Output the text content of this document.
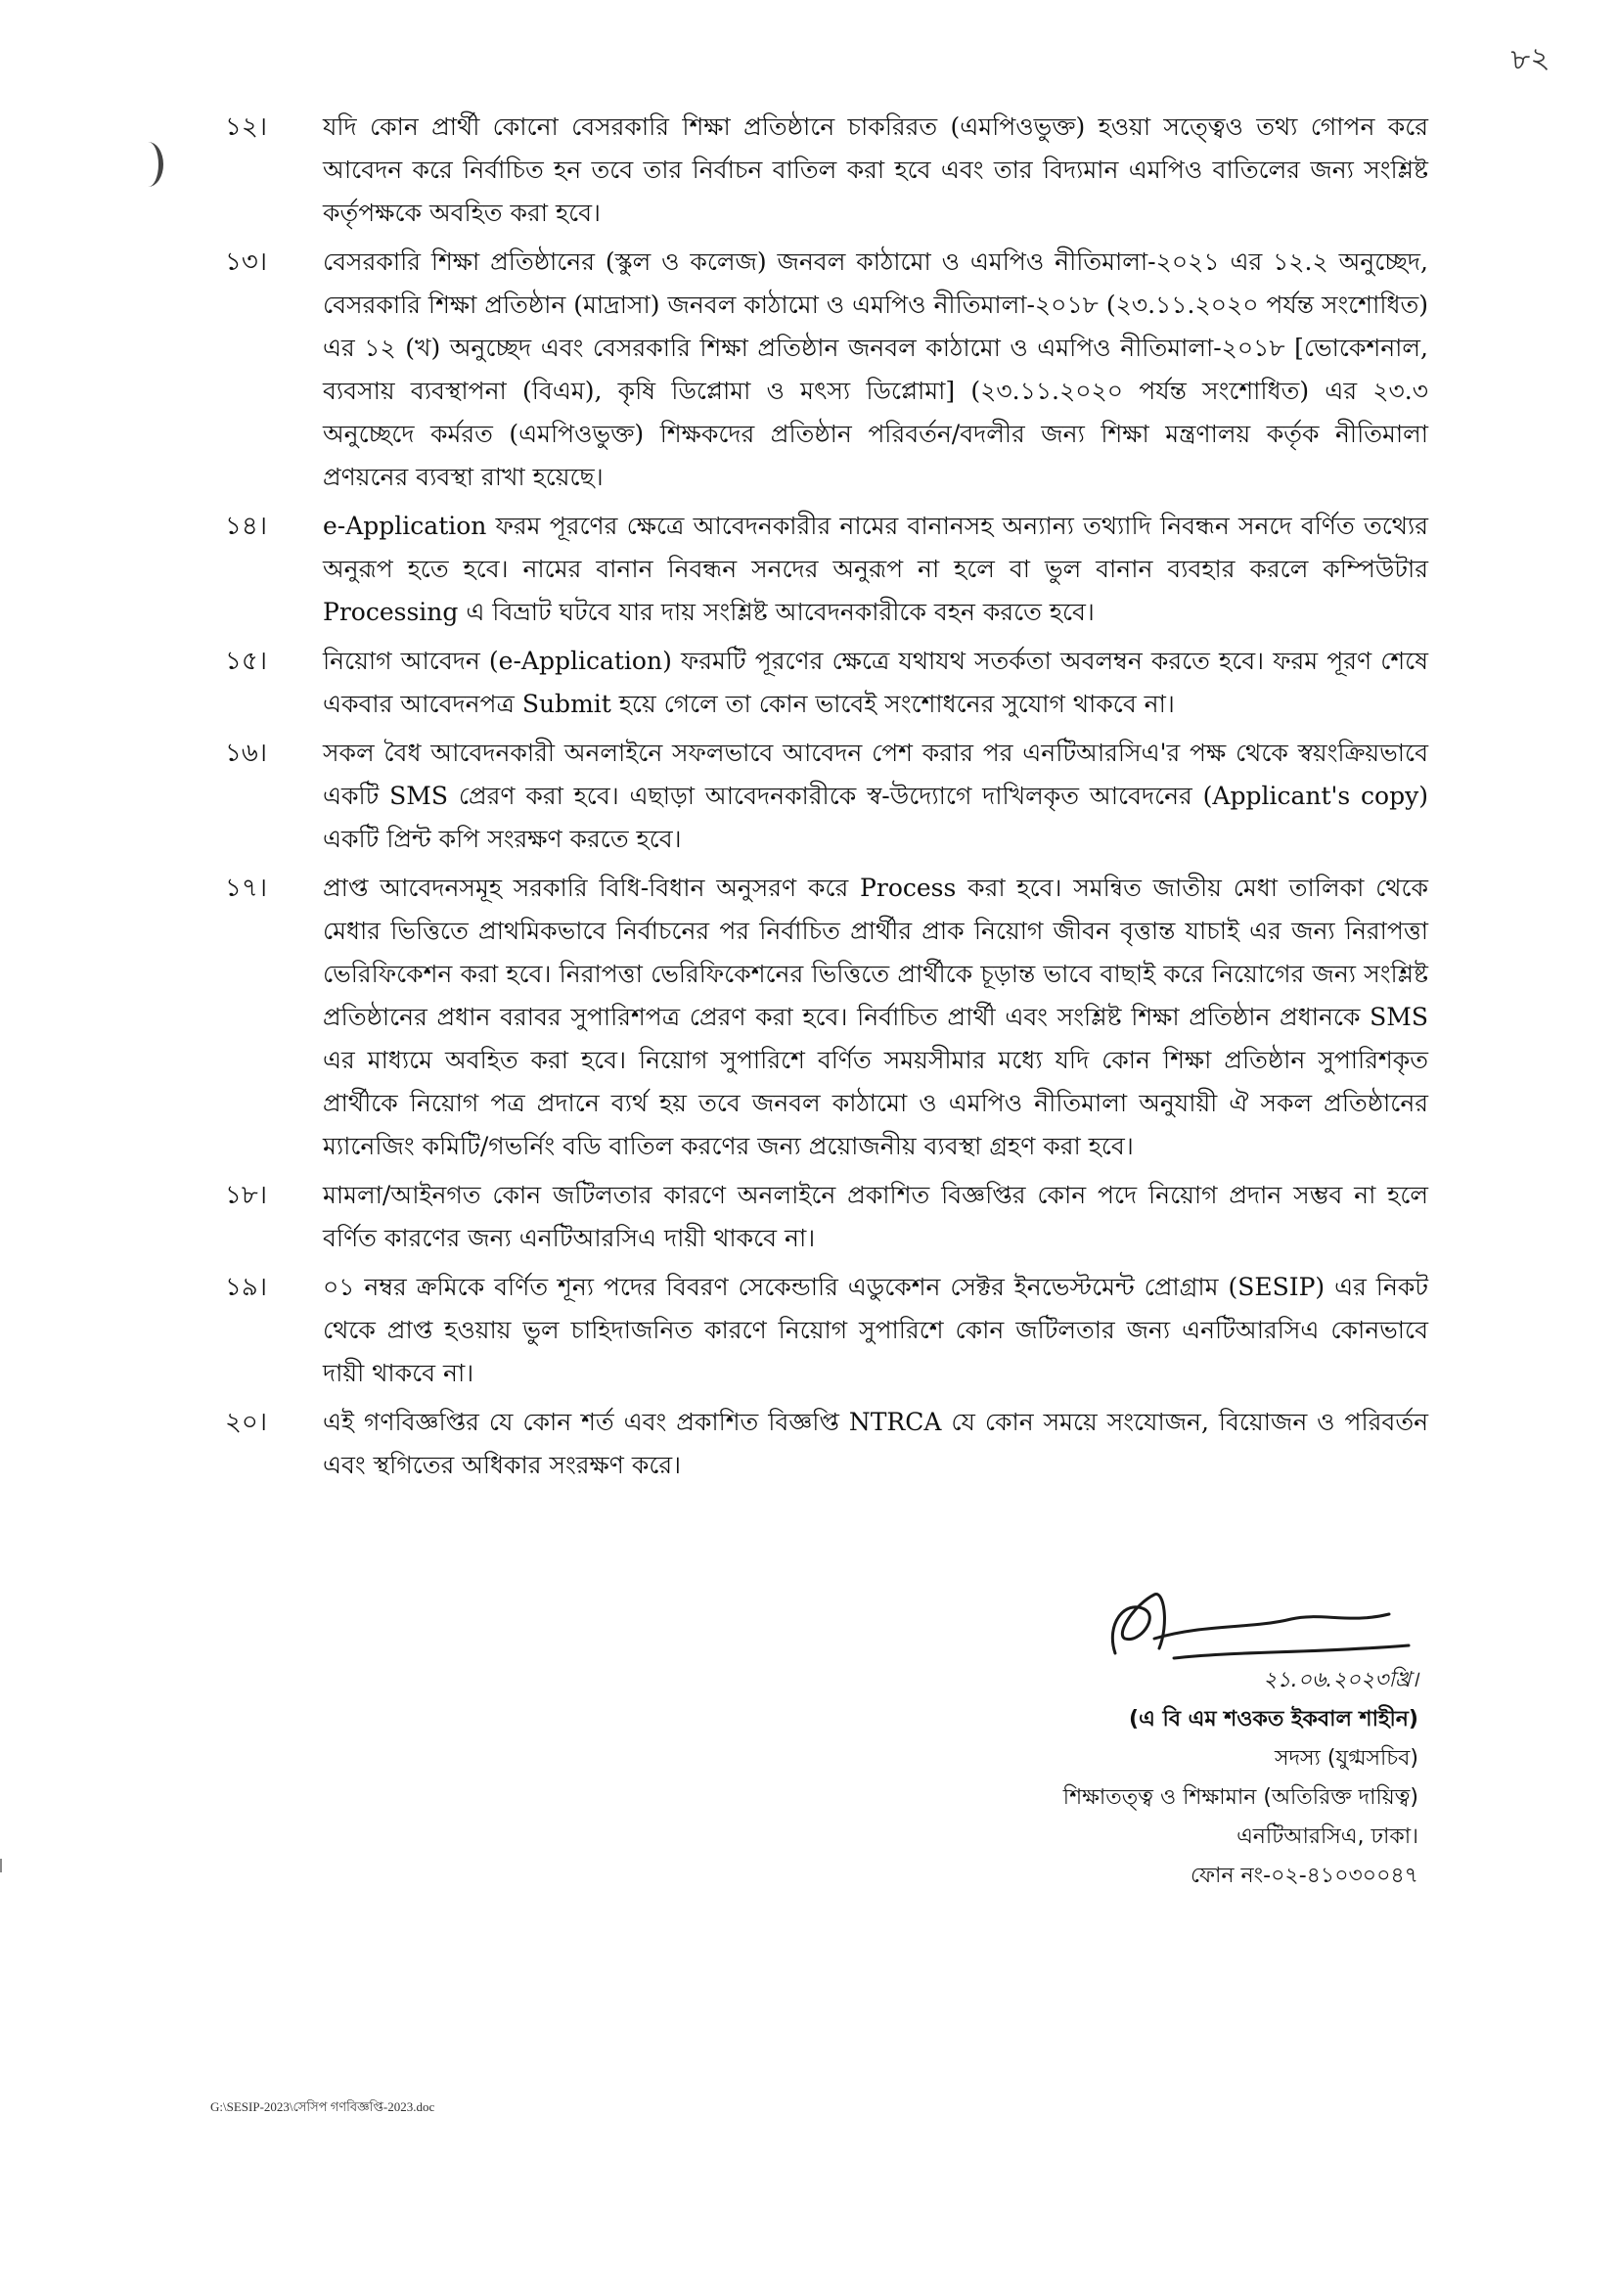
৮২
১২।	যদি কোন প্রার্থী কোনো বেসরকারি শিক্ষা প্রতিষ্ঠানে চাকরিরত (এমপিওভুক্ত) হওয়া সত্ত্বেও তথ্য গোপন করে আবেদন করে নির্বাচিত হন তবে তার নির্বাচন বাতিল করা হবে এবং তার বিদ্যমান এমপিও বাতিলের জন্য সংশ্লিষ্ট কর্তৃপক্ষকে অবহিত করা হবে।
১৩।	বেসরকারি শিক্ষা প্রতিষ্ঠানের (স্কুল ও কলেজ) জনবল কাঠামো ও এমপিও নীতিমালা-২০২১ এর ১২.২ অনুচ্ছেদ, বেসরকারি শিক্ষা প্রতিষ্ঠান (মাদ্রাসা) জনবল কাঠামো ও এমপিও নীতিমালা-২০১৮ (২৩.১১.২০২০ পর্যন্ত সংশোধিত) এর ১২ (খ) অনুচ্ছেদ এবং বেসরকারি শিক্ষা প্রতিষ্ঠান জনবল কাঠামো ও এমপিও নীতিমালা-২০১৮ [ভোকেশনাল, ব্যবসায় ব্যবস্থাপনা (বিএম), কৃষি ডিপ্লোমা ও মৎস্য ডিপ্লোমা] (২৩.১১.২০২০ পর্যন্ত সংশোধিত) এর ২৩.৩ অনুচ্ছেদে কর্মরত (এমপিওভুক্ত) শিক্ষকদের প্রতিষ্ঠান পরিবর্তন/বদলীর জন্য শিক্ষা মন্ত্রণালয় কর্তৃক নীতিমালা প্রণয়নের ব্যবস্থা রাখা হয়েছে।
১৪।	e-Application ফরম পূরণের ক্ষেত্রে আবেদনকারীর নামের বানানসহ অন্যান্য তথ্যাদি নিবন্ধন সনদে বর্ণিত তথ্যের অনুরূপ হতে হবে। নামের বানান নিবন্ধন সনদের অনুরূপ না হলে বা ভুল বানান ব্যবহার করলে কম্পিউটার Processing এ বিভ্রাট ঘটবে যার দায় সংশ্লিষ্ট আবেদনকারীকে বহন করতে হবে।
১৫।	নিয়োগ আবেদন (e-Application) ফরমটি পূরণের ক্ষেত্রে যথাযথ সতর্কতা অবলম্বন করতে হবে। ফরম পূরণ শেষে একবার আবেদনপত্র Submit হয়ে গেলে তা কোন ভাবেই সংশোধনের সুযোগ থাকবে না।
১৬।	সকল বৈধ আবেদনকারী অনলাইনে সফলভাবে আবেদন পেশ করার পর এনটিআরসিএ'র পক্ষ থেকে স্বয়ংক্রিয়ভাবে একটি SMS প্রেরণ করা হবে। এছাড়া আবেদনকারীকে স্ব-উদ্যোগে দাখিলকৃত আবেদনের (Applicant's copy) একটি প্রিন্ট কপি সংরক্ষণ করতে হবে।
১৭।	প্রাপ্ত আবেদনসমূহ সরকারি বিধি-বিধান অনুসরণ করে Process করা হবে। সমন্বিত জাতীয় মেধা তালিকা থেকে মেধার ভিত্তিতে প্রাথমিকভাবে নির্বাচনের পর নির্বাচিত প্রার্থীর প্রাক নিয়োগ জীবন বৃত্তান্ত যাচাই এর জন্য নিরাপত্তা ভেরিফিকেশন করা হবে। নিরাপত্তা ভেরিফিকেশনের ভিত্তিতে প্রার্থীকে চূড়ান্ত ভাবে বাছাই করে নিয়োগের জন্য সংশ্লিষ্ট প্রতিষ্ঠানের প্রধান বরাবর সুপারিশপত্র প্রেরণ করা হবে। নির্বাচিত প্রার্থী এবং সংশ্লিষ্ট শিক্ষা প্রতিষ্ঠান প্রধানকে SMS এর মাধ্যমে অবহিত করা হবে। নিয়োগ সুপারিশে বর্ণিত সময়সীমার মধ্যে যদি কোন শিক্ষা প্রতিষ্ঠান সুপারিশকৃত প্রার্থীকে নিয়োগ পত্র প্রদানে ব্যর্থ হয় তবে জনবল কাঠামো ও এমপিও নীতিমালা অনুযায়ী ঐ সকল প্রতিষ্ঠানের ম্যানেজিং কমিটি/গভর্নিং বডি বাতিল করণের জন্য প্রয়োজনীয় ব্যবস্থা গ্রহণ করা হবে।
১৮।	মামলা/আইনগত কোন জটিলতার কারণে অনলাইনে প্রকাশিত বিজ্ঞপ্তির কোন পদে নিয়োগ প্রদান সম্ভব না হলে বর্ণিত কারণের জন্য এনটিআরসিএ দায়ী থাকবে না।
১৯।	০১ নম্বর ক্রমিকে বর্ণিত শূন্য পদের বিবরণ সেকেন্ডারি এডুকেশন সেক্টর ইনভেস্টমেন্ট প্রোগ্রাম (SESIP) এর নিকট থেকে প্রাপ্ত হওয়ায় ভুল চাহিদাজনিত কারণে নিয়োগ সুপারিশে কোন জটিলতার জন্য এনটিআরসিএ কোনভাবে দায়ী থাকবে না।
২০।	এই গণবিজ্ঞপ্তির যে কোন শর্ত এবং প্রকাশিত বিজ্ঞপ্তি NTRCA যে কোন সময়ে সংযোজন, বিয়োজন ও পরিবর্তন এবং স্থগিতের অধিকার সংরক্ষণ করে।
২১.০৬.২০২৩খ্রি।
(এ বি এম শওকত ইকবাল শাহীন)
সদস্য (যুগ্মসচিব)
শিক্ষাতত্ত্ব ও শিক্ষামান (অতিরিক্ত দায়িত্ব)
এনটিআরসিএ, ঢাকা।
ফোন নং-০২-৪১০৩০০৪৭
G:\SESIP-2023\সেসিপ গণবিজ্ঞপ্তি-2023.doc
